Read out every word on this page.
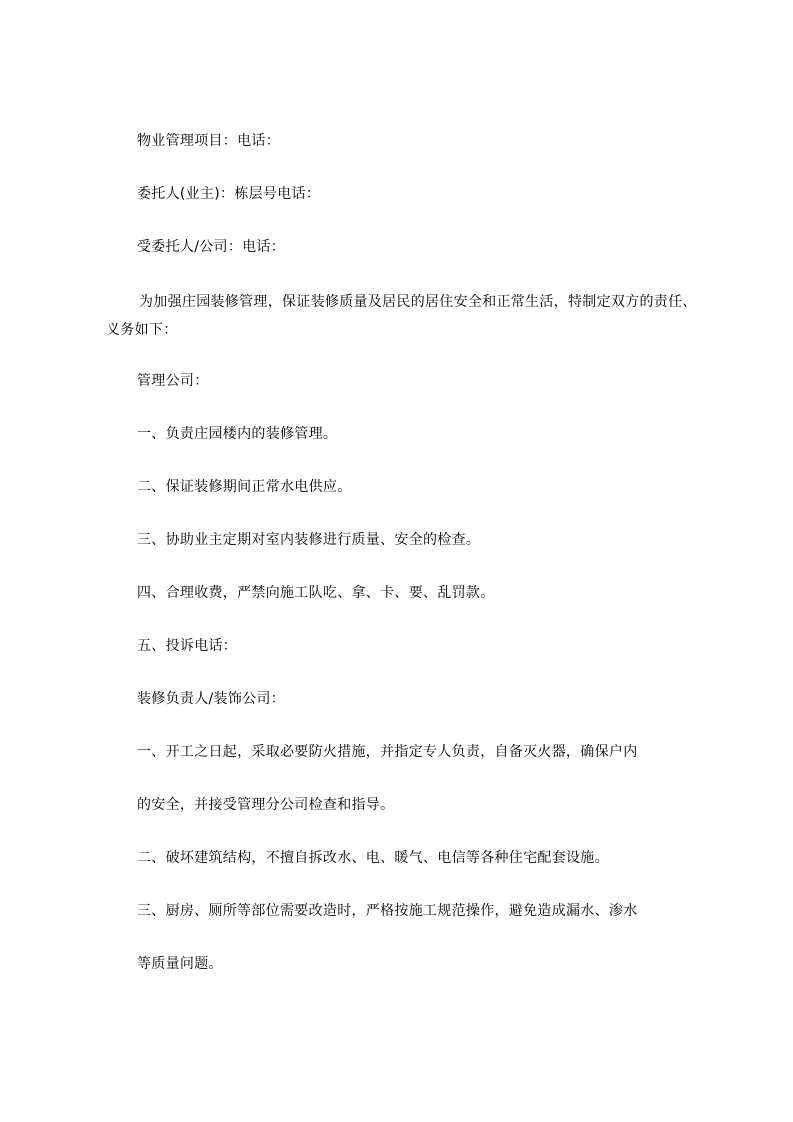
物业管理项目：电话：
委托人(业主)：栋层号电话：
受委托人/公司：电话：
为加强庄园装修管理，保证装修质量及居民的居住安全和正常生活，特制定双方的责任、义务如下：
管理公司：
一、负责庄园楼内的装修管理。
二、保证装修期间正常水电供应。
三、协助业主定期对室内装修进行质量、安全的检查。
四、合理收费，严禁向施工队吃、拿、卡、要、乱罚款。
五、投诉电话：
装修负责人/装饰公司：
一、开工之日起，采取必要防火措施，并指定专人负责，自备灭火器，确保户内
的安全，并接受管理分公司检查和指导。
二、破坏建筑结构，不擅自拆改水、电、暖气、电信等各种住宅配套设施。
三、厨房、厕所等部位需要改造时，严格按施工规范操作，避免造成漏水、渗水
等质量问题。
